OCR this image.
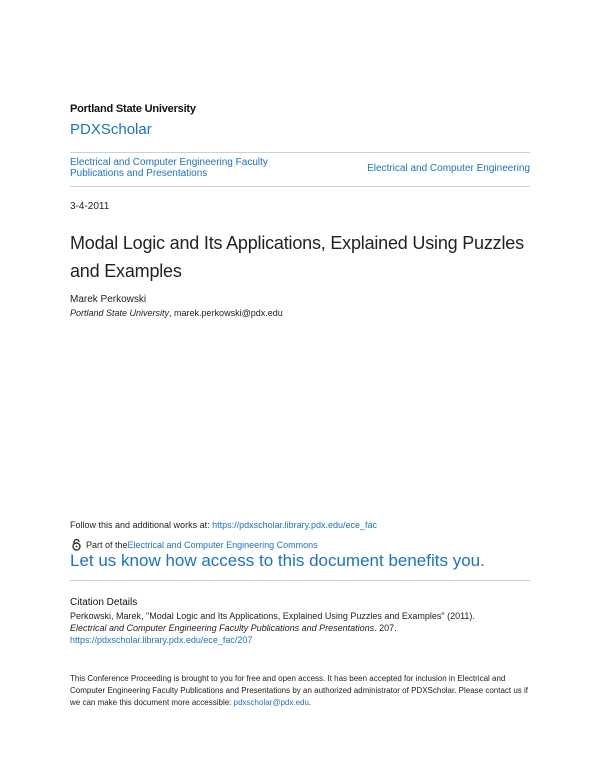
Portland State University
PDXScholar
Electrical and Computer Engineering Faculty Publications and Presentations	Electrical and Computer Engineering
3-4-2011
Modal Logic and Its Applications, Explained Using Puzzles and Examples
Marek Perkowski
Portland State University, marek.perkowski@pdx.edu
Follow this and additional works at: https://pdxscholar.library.pdx.edu/ece_fac
Part of the Electrical and Computer Engineering Commons
Let us know how access to this document benefits you.
Citation Details
Perkowski, Marek, "Modal Logic and Its Applications, Explained Using Puzzles and Examples" (2011).
Electrical and Computer Engineering Faculty Publications and Presentations. 207.
https://pdxscholar.library.pdx.edu/ece_fac/207
This Conference Proceeding is brought to you for free and open access. It has been accepted for inclusion in Electrical and Computer Engineering Faculty Publications and Presentations by an authorized administrator of PDXScholar. Please contact us if we can make this document more accessible: pdxscholar@pdx.edu.
